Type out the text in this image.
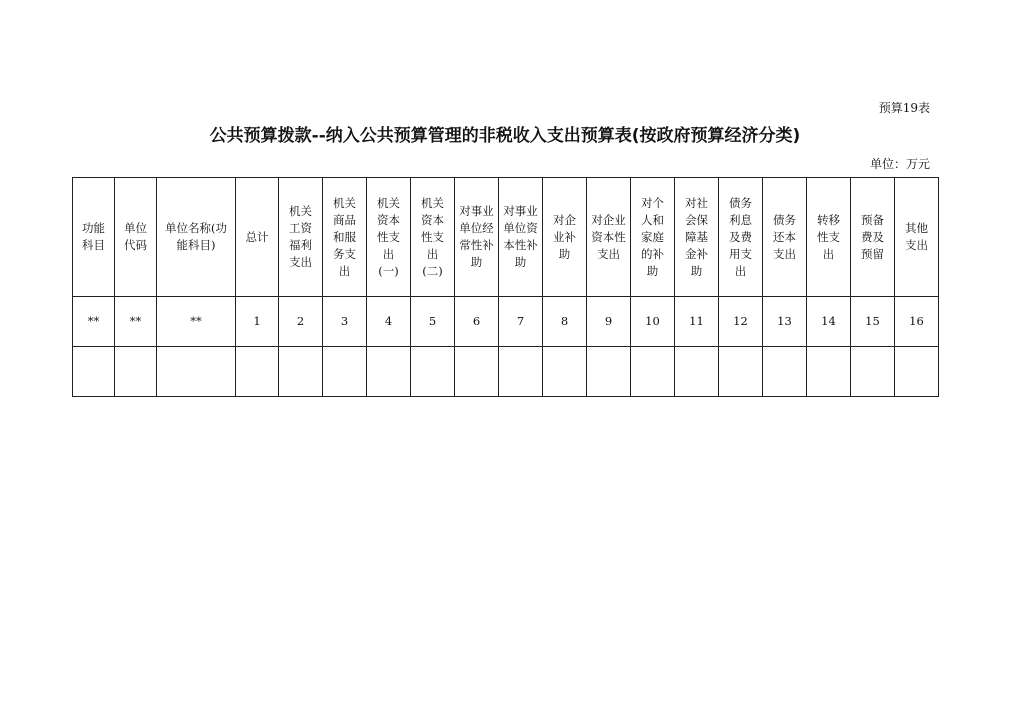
预算19表
公共预算拨款--纳入公共预算管理的非税收入支出预算表(按政府预算经济分类)
单位：万元
功能科目	单位代码	单位名称(功能科目)	总计	机关工资福利支出	机关商品和服务支出	机关资本性支出(一)	机关资本性支出(二)	对事业单位经常性补助	对事业单位资本性补助	对企业补助	对企业资本性支出	对个人和家庭的补助	对社会保障基金补助	债务利息及费用支出	债务还本支出	转移性支出	预备费及预留	其他支出
**	**	**	1	2	3	4	5	6	7	8	9	10	11	12	13	14	15	16
